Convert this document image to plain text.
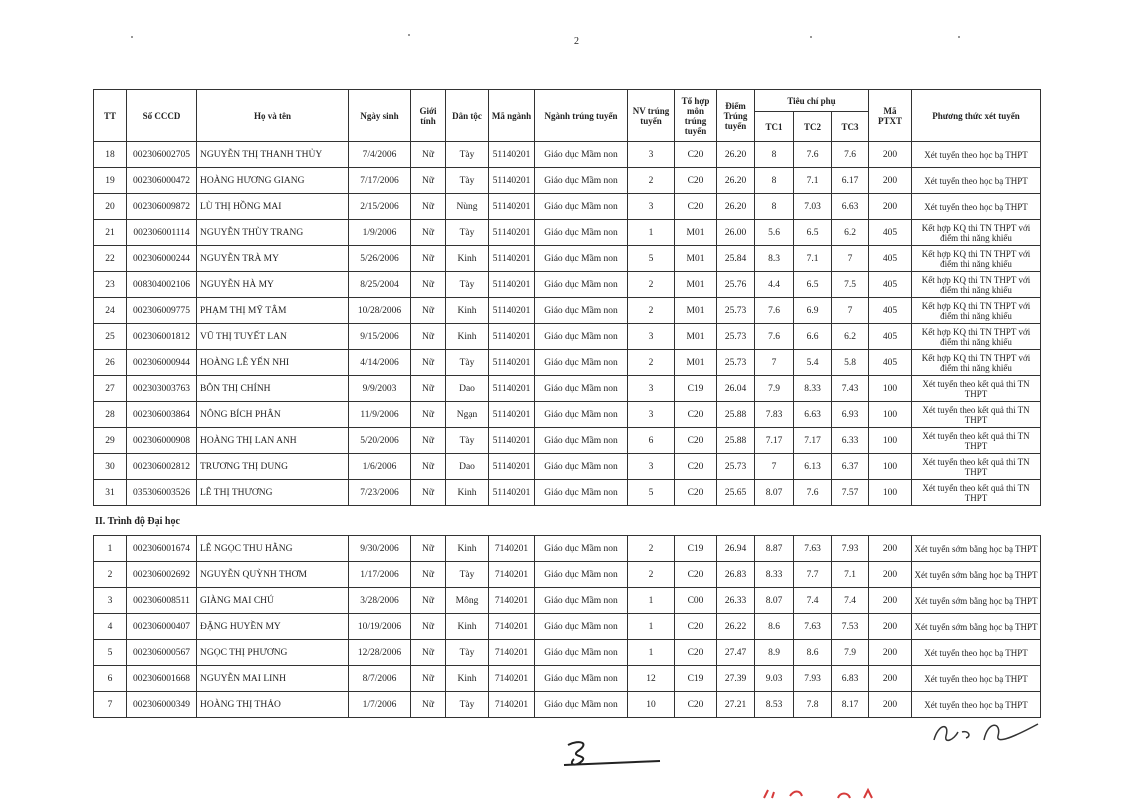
2
TT	Số CCCD	Họ và tên	Ngày sinh	Giới tính	Dân tộc	Mã ngành	Ngành trúng tuyển	NV trúng tuyển	Tổ hợp môn trúng tuyển	Điểm Trúng tuyển	Tiêu chí phụ			Mã PTXT	Phương thức xét tuyển
											TC1	TC2	TC3		
18	002306002705	NGUYỄN THỊ THANH THỦY	7/4/2006	Nữ	Tày	51140201	Giáo dục Mầm non	3	C20	26.20	8	7.6	7.6	200	Xét tuyển theo học bạ THPT
19	002306000472	HOÀNG HƯƠNG GIANG	7/17/2006	Nữ	Tày	51140201	Giáo dục Mầm non	2	C20	26.20	8	7.1	6.17	200	Xét tuyển theo học bạ THPT
20	002306009872	LÙ THỊ HỒNG MAI	2/15/2006	Nữ	Nùng	51140201	Giáo dục Mầm non	3	C20	26.20	8	7.03	6.63	200	Xét tuyển theo học bạ THPT
21	002306001114	NGUYỄN THÙY TRANG	1/9/2006	Nữ	Tày	51140201	Giáo dục Mầm non	1	M01	26.00	5.6	6.5	6.2	405	Kết hợp KQ thi TN THPT với điểm thi năng khiếu
22	002306000244	NGUYỄN TRÀ MY	5/26/2006	Nữ	Kinh	51140201	Giáo dục Mầm non	5	M01	25.84	8.3	7.1	7	405	Kết hợp KQ thi TN THPT với điểm thi năng khiếu
23	008304002106	NGUYỄN HÀ MY	8/25/2004	Nữ	Tày	51140201	Giáo dục Mầm non	2	M01	25.76	4.4	6.5	7.5	405	Kết hợp KQ thi TN THPT với điểm thi năng khiếu
24	002306009775	PHẠM THỊ MỸ TÂM	10/28/2006	Nữ	Kinh	51140201	Giáo dục Mầm non	2	M01	25.73	7.6	6.9	7	405	Kết hợp KQ thi TN THPT với điểm thi năng khiếu
25	002306001812	VŨ THỊ TUYẾT LAN	9/15/2006	Nữ	Kinh	51140201	Giáo dục Mầm non	3	M01	25.73	7.6	6.6	6.2	405	Kết hợp KQ thi TN THPT với điểm thi năng khiếu
26	002306000944	HOÀNG LÊ YẾN NHI	4/14/2006	Nữ	Tày	51140201	Giáo dục Mầm non	2	M01	25.73	7	5.4	5.8	405	Kết hợp KQ thi TN THPT với điểm thi năng khiếu
27	002303003763	BÔN THỊ CHÍNH	9/9/2003	Nữ	Dao	51140201	Giáo dục Mầm non	3	C19	26.04	7.9	8.33	7.43	100	Xét tuyển theo kết quả thi TN THPT
28	002306003864	NÔNG BÍCH PHÂN	11/9/2006	Nữ	Ngạn	51140201	Giáo dục Mầm non	3	C20	25.88	7.83	6.63	6.93	100	Xét tuyển theo kết quả thi TN THPT
29	002306000908	HOÀNG THỊ LAN ANH	5/20/2006	Nữ	Tày	51140201	Giáo dục Mầm non	6	C20	25.88	7.17	7.17	6.33	100	Xét tuyển theo kết quả thi TN THPT
30	002306002812	TRƯƠNG THỊ DUNG	1/6/2006	Nữ	Dao	51140201	Giáo dục Mầm non	3	C20	25.73	7	6.13	6.37	100	Xét tuyển theo kết quả thi TN THPT
31	035306003526	LÊ THỊ THƯƠNG	7/23/2006	Nữ	Kinh	51140201	Giáo dục Mầm non	5	C20	25.65	8.07	7.6	7.57	100	Xét tuyển theo kết quả thi TN THPT
II. Trình độ Đại học
1	002306001674	LÊ NGỌC THU HẰNG	9/30/2006	Nữ	Kinh	7140201	Giáo dục Mầm non	2	C19	26.94	8.87	7.63	7.93	200	Xét tuyển sớm bằng học bạ THPT
2	002306002692	NGUYỄN QUỲNH THƠM	1/17/2006	Nữ	Tày	7140201	Giáo dục Mầm non	2	C20	26.83	8.33	7.7	7.1	200	Xét tuyển sớm bằng học bạ THPT
3	002306008511	GIÀNG MAI CHÚ	3/28/2006	Nữ	Mông	7140201	Giáo dục Mầm non	1	C00	26.33	8.07	7.4	7.4	200	Xét tuyển sớm bằng học bạ THPT
4	002306000407	ĐẶNG HUYỀN MY	10/19/2006	Nữ	Kinh	7140201	Giáo dục Mầm non	1	C20	26.22	8.6	7.63	7.53	200	Xét tuyển sớm bằng học bạ THPT
5	002306000567	NGỌC THỊ PHƯƠNG	12/28/2006	Nữ	Tày	7140201	Giáo dục Mầm non	1	C20	27.47	8.9	8.6	7.9	200	Xét tuyển theo học bạ THPT
6	002306001668	NGUYỄN MAI LINH	8/7/2006	Nữ	Kinh	7140201	Giáo dục Mầm non	12	C19	27.39	9.03	7.93	6.83	200	Xét tuyển theo học bạ THPT
7	002306000349	HOÀNG THỊ THẢO	1/7/2006	Nữ	Tày	7140201	Giáo dục Mầm non	10	C20	27.21	8.53	7.8	8.17	200	Xét tuyển theo học bạ THPT
